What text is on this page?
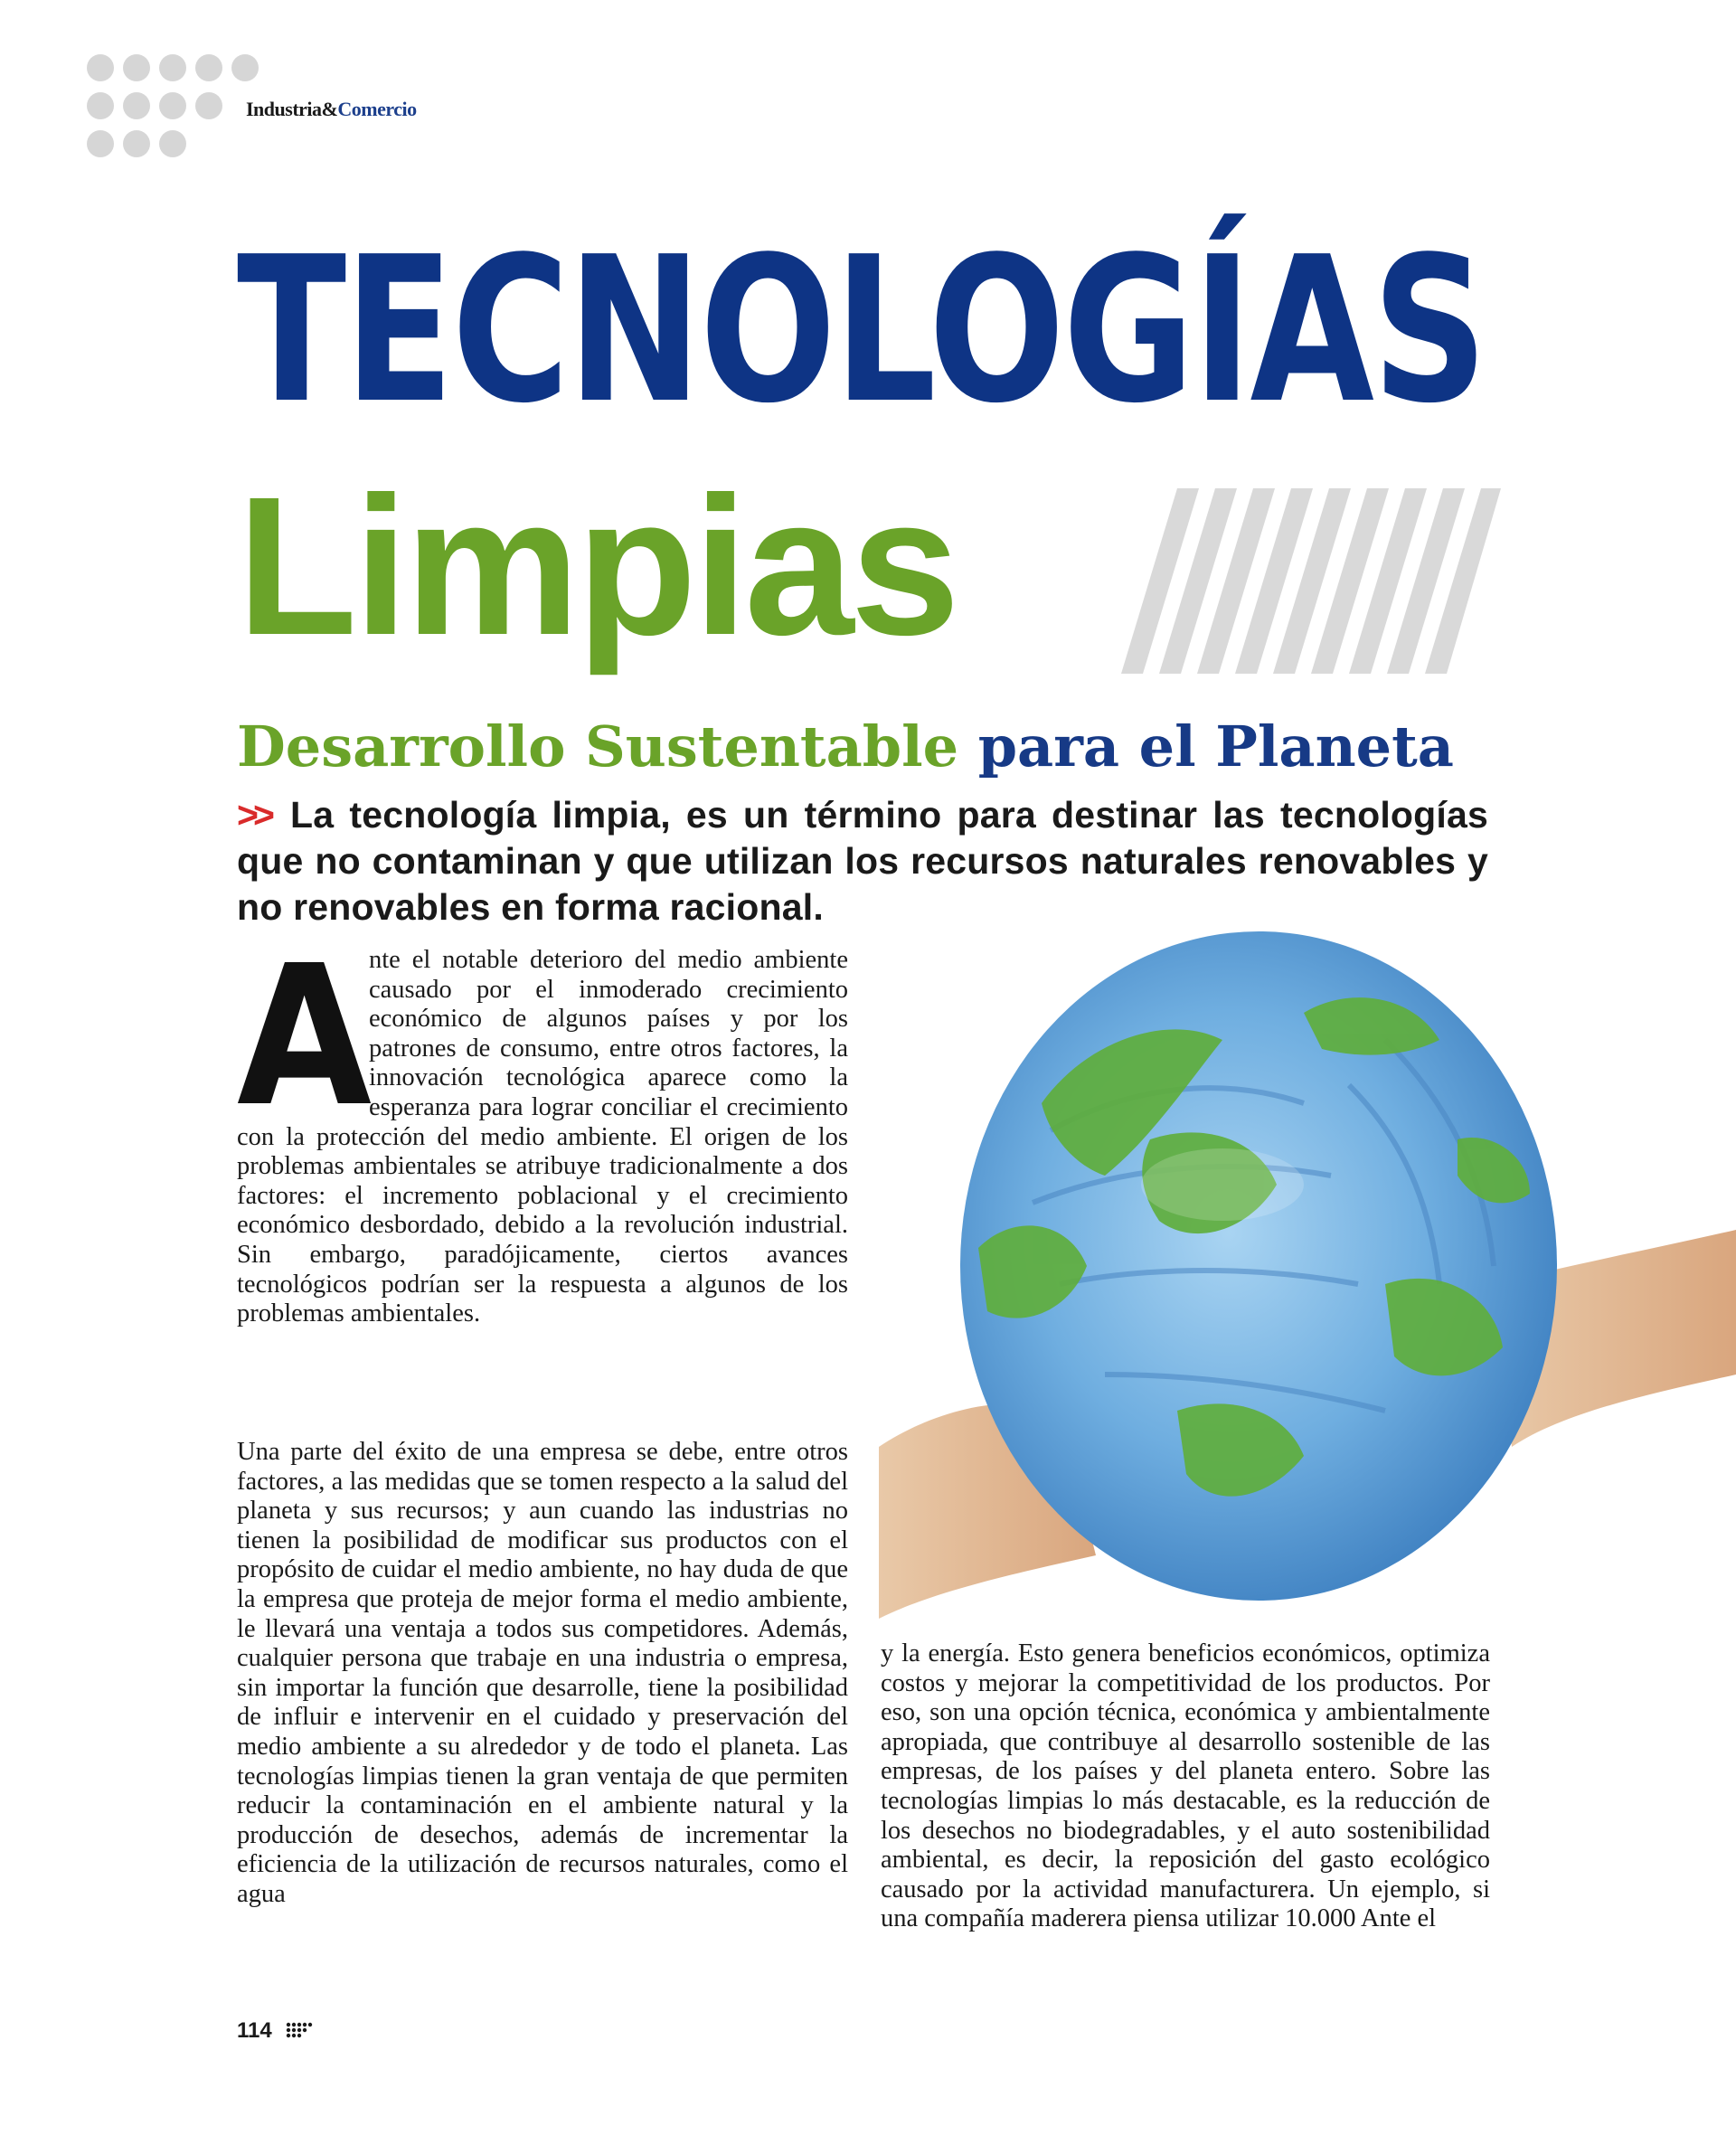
Industria&Comercio
TECNOLOGÍAS
Limpias
Desarrollo Sustentable para el Planeta
>> La tecnología limpia, es un término para destinar las tecnologías que no contaminan y que utilizan los recursos naturales renovables y no renovables en forma racional.
A

nte el notable deterioro del medio ambiente causado por el inmoderado crecimiento económico de algunos países y por los patrones de consumo, entre otros factores, la innovación tecnológica aparece como la esperanza para lograr conciliar el crecimiento con la protección del medio ambiente. El origen de los problemas ambientales se atribuye tradicionalmente a dos factores: el incremento poblacional y el crecimiento económico desbordado, debido a la revolución industrial. Sin embargo, paradójicamente, ciertos avances tecnológicos podrían ser la respuesta a algunos de los problemas ambientales.

Una parte del éxito de una empresa se debe, entre otros factores, a las medidas que se tomen respecto a la salud del planeta y sus recursos; y aun cuando las industrias no tienen la posibilidad de modificar sus productos con el propósito de cuidar el medio ambiente, no hay duda de que la empresa que proteja de mejor forma el medio ambiente, le llevará una ventaja a todos sus competidores. Además, cualquier persona que trabaje en una industria o empresa, sin importar la función que desarrolle, tiene la posibilidad de influir e intervenir en el cuidado y preservación del medio ambiente a su alrededor y de todo el planeta. Las tecnologías limpias tienen la gran ventaja de que permiten reducir la contaminación en el ambiente natural y la producción de desechos, además de incrementar la eficiencia de la utilización de recursos naturales, como el agua

y la energía. Esto genera beneficios económicos, optimiza costos y mejorar la competitividad de los productos. Por eso, son una opción técnica, económica y ambientalmente apropiada, que contribuye al desarrollo sostenible de las empresas, de los países y del planeta entero. Sobre las tecnologías limpias lo más destacable, es la reducción de los desechos no biodegradables, y el auto sostenibilidad ambiental, es decir, la reposición del gasto ecológico causado por la actividad manufacturera. Un ejemplo, si una compañía maderera piensa utilizar 10.000 Ante el

114
